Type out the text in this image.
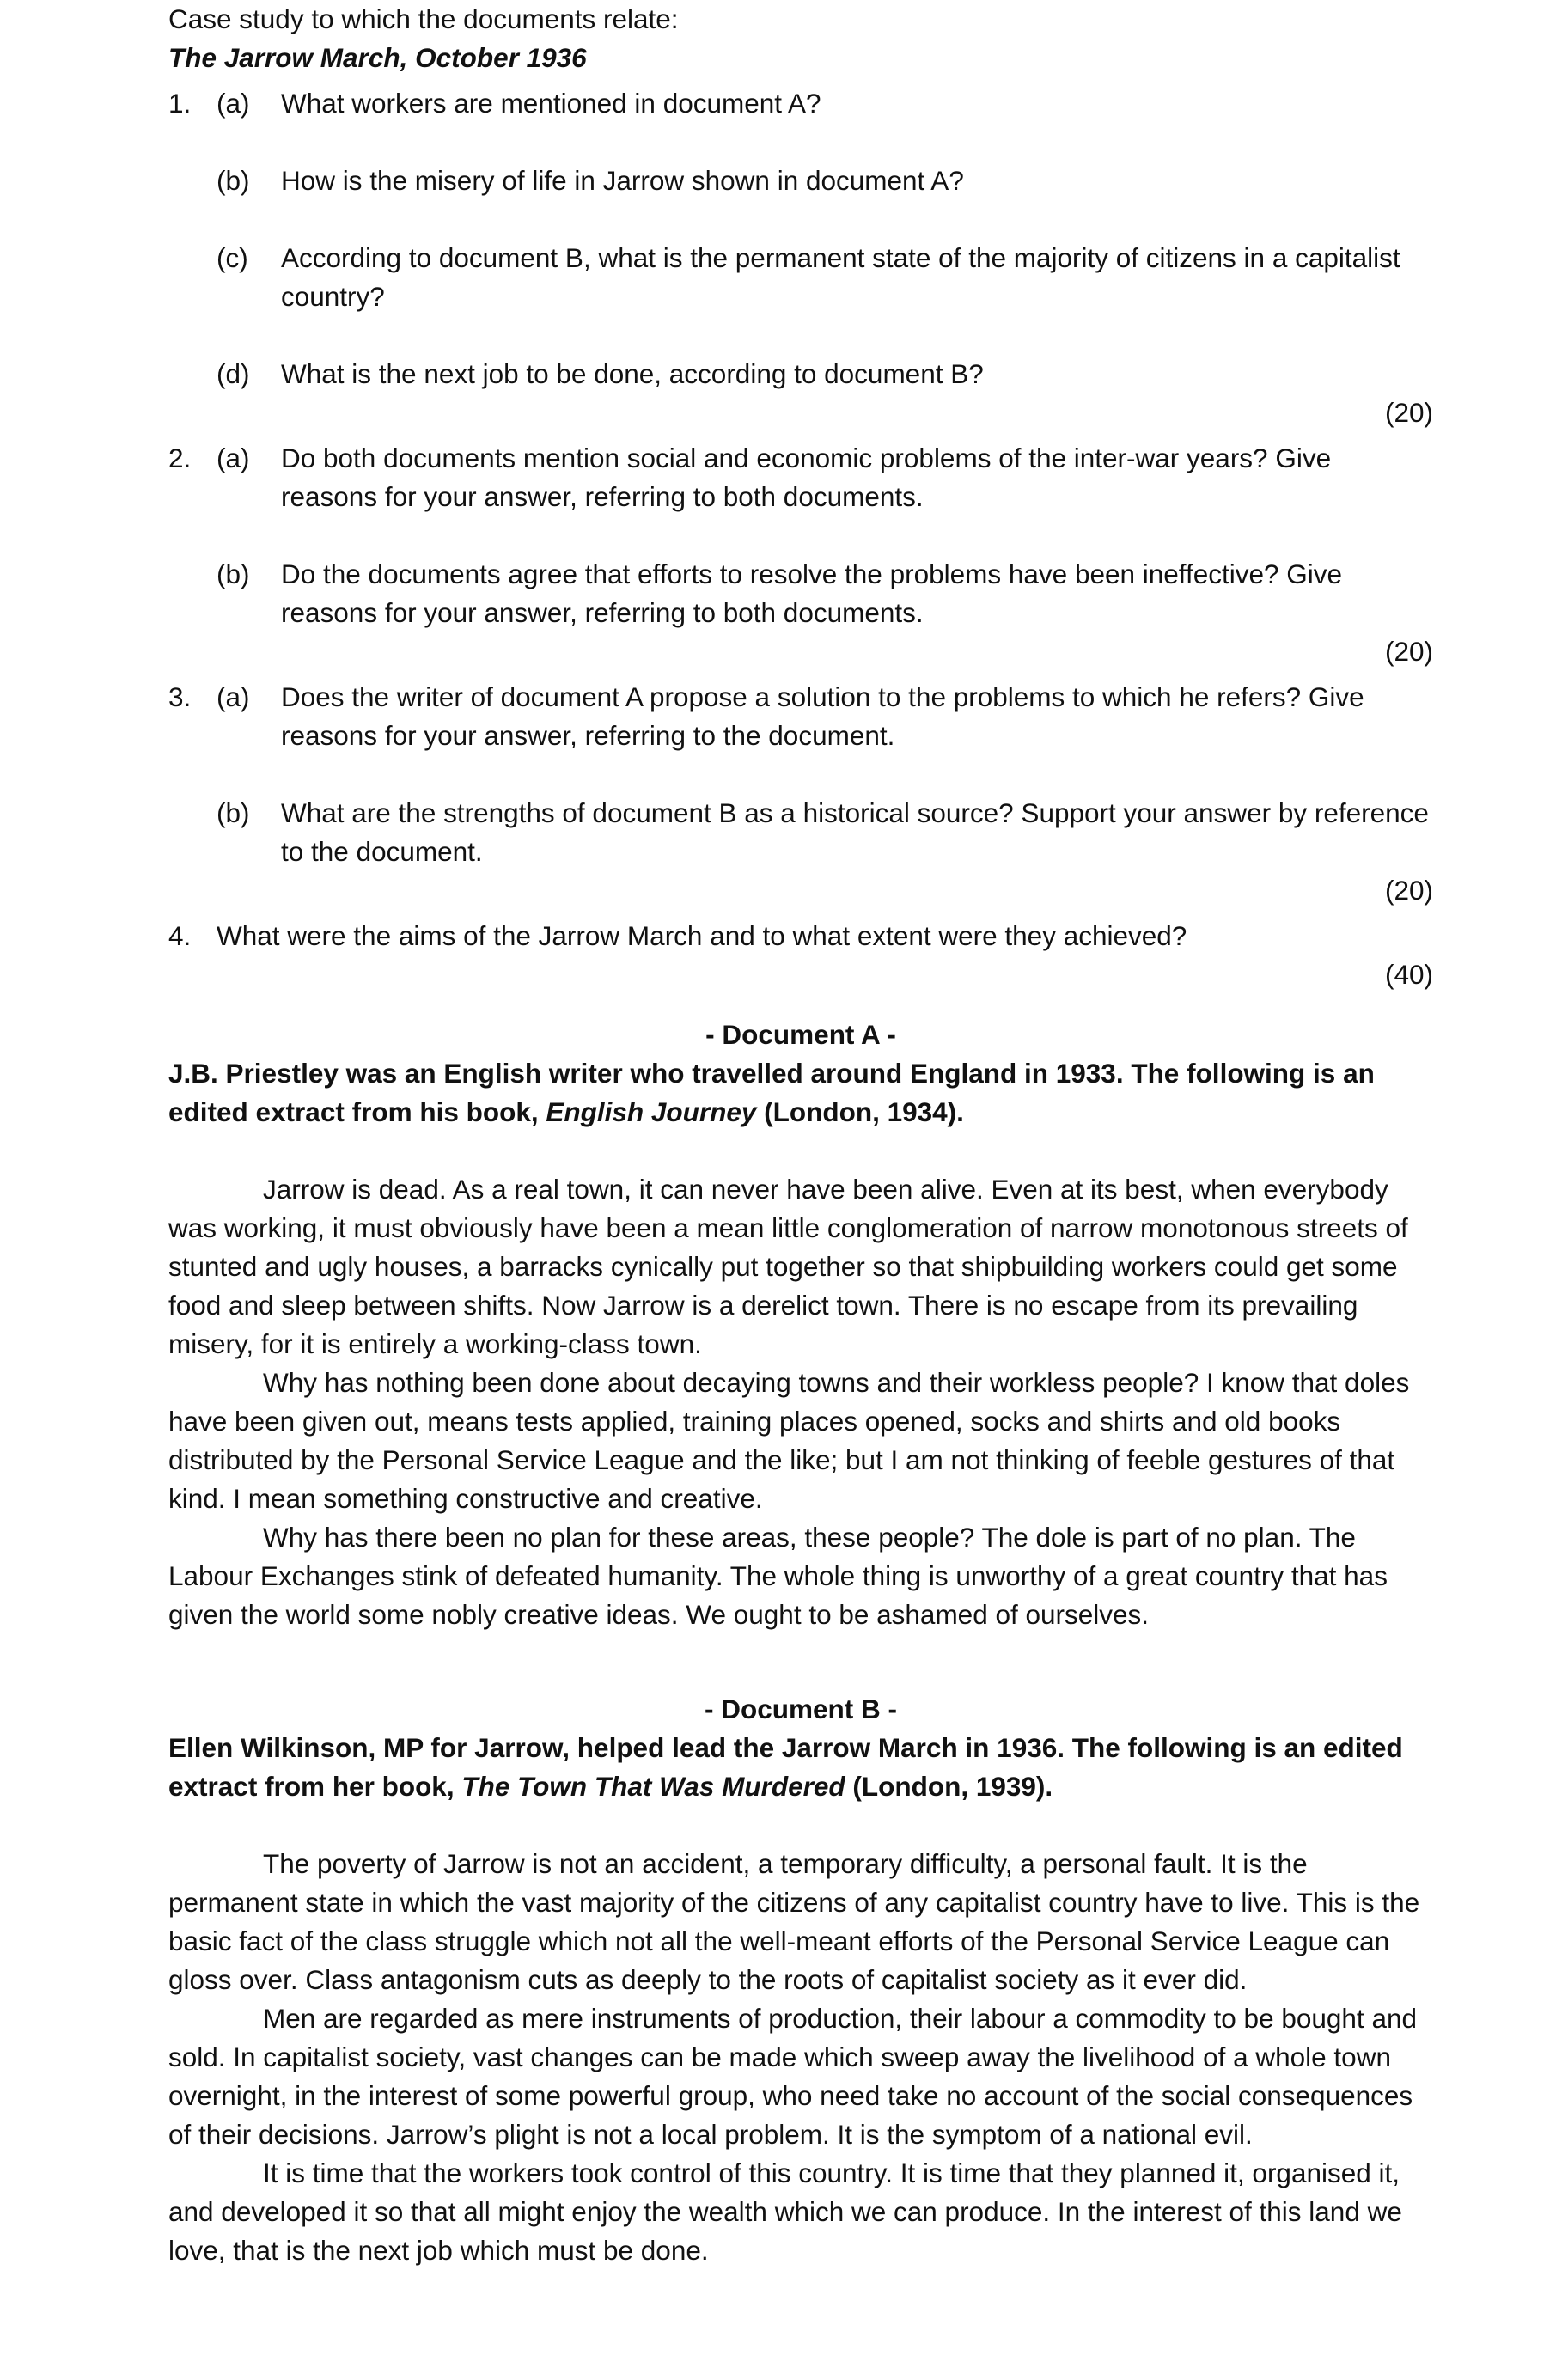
Case study to which the documents relate:

The Jarrow March, October 1936

1. (a)	What workers are mentioned in document A?
(b)	How is the misery of life in Jarrow shown in document A?
(c)	According to document B, what is the permanent state of the majority of citizens in a capitalist country?
(d)	What is the next job to be done, according to document B?
(20)
2. (a)	Do both documents mention social and economic problems of the inter-war years? Give reasons for your answer, referring to both documents.
(b)	Do the documents agree that efforts to resolve the problems have been ineffective? Give reasons for your answer, referring to both documents.
(20)
3. (a)	Does the writer of document A propose a solution to the problems to which he refers? Give reasons for your answer, referring to the document.
(b)	What are the strengths of document B as a historical source? Support your answer by reference to the document.
(20)
4. What were the aims of the Jarrow March and to what extent were they achieved?
(40)
- Document A -

J.B. Priestley was an English writer who travelled around England in 1933. The following is an edited extract from his book, English Journey (London, 1934).

Jarrow is dead. As a real town, it can never have been alive. Even at its best, when everybody was working, it must obviously have been a mean little conglomeration of narrow monotonous streets of stunted and ugly houses, a barracks cynically put together so that shipbuilding workers could get some food and sleep between shifts. Now Jarrow is a derelict town. There is no escape from its prevailing misery, for it is entirely a working-class town.

Why has nothing been done about decaying towns and their workless people? I know that doles have been given out, means tests applied, training places opened, socks and shirts and old books distributed by the Personal Service League and the like; but I am not thinking of feeble gestures of that kind. I mean something constructive and creative.

Why has there been no plan for these areas, these people? The dole is part of no plan. The Labour Exchanges stink of defeated humanity. The whole thing is unworthy of a great country that has given the world some nobly creative ideas. We ought to be ashamed of ourselves.

- Document B -

Ellen Wilkinson, MP for Jarrow, helped lead the Jarrow March in 1936. The following is an edited extract from her book, The Town That Was Murdered (London, 1939).

The poverty of Jarrow is not an accident, a temporary difficulty, a personal fault. It is the permanent state in which the vast majority of the citizens of any capitalist country have to live. This is the basic fact of the class struggle which not all the well-meant efforts of the Personal Service League can gloss over. Class antagonism cuts as deeply to the roots of capitalist society as it ever did.

Men are regarded as mere instruments of production, their labour a commodity to be bought and sold. In capitalist society, vast changes can be made which sweep away the livelihood of a whole town overnight, in the interest of some powerful group, who need take no account of the social consequences of their decisions. Jarrow’s plight is not a local problem. It is the symptom of a national evil.

It is time that the workers took control of this country. It is time that they planned it, organised it, and developed it so that all might enjoy the wealth which we can produce. In the interest of this land we love, that is the next job which must be done.
